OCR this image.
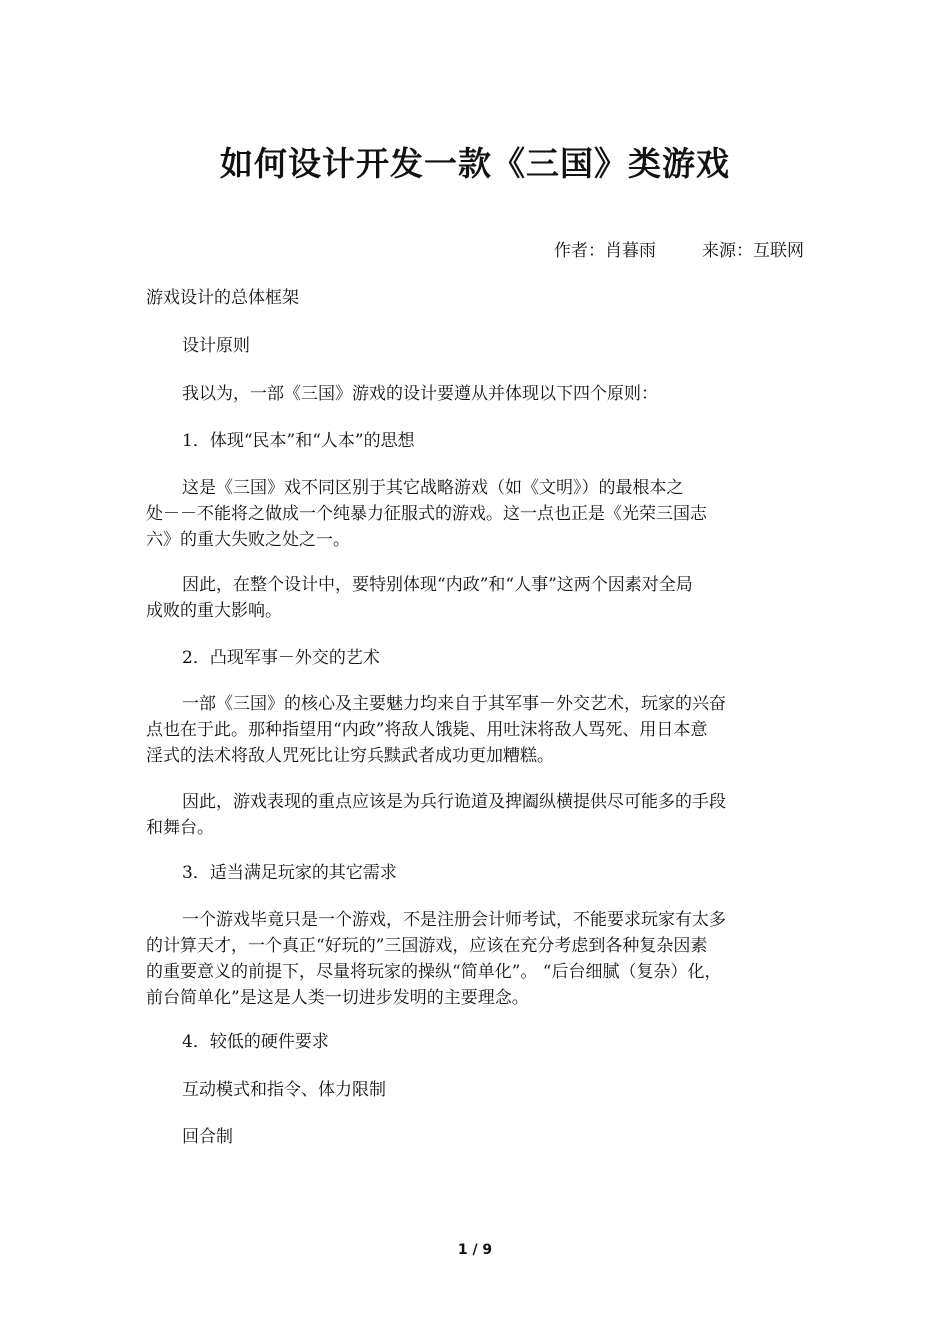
如何设计开发一款《三国》类游戏
作者：肖暮雨	来源：互联网
游戏设计的总体框架
设计原则
我以为，一部《三国》游戏的设计要遵从并体现以下四个原则：
1．体现“民本”和“人本”的思想
这是《三国》戏不同区别于其它战略游戏（如《文明》）的最根本之
处－－不能将之做成一个纯暴力征服式的游戏。这一点也正是《光荣三国志
六》的重大失败之处之一。
因此，在整个设计中，要特别体现“内政”和“人事”这两个因素对全局
成败的重大影响。
2．凸现军事－外交的艺术
一部《三国》的核心及主要魅力均来自于其军事－外交艺术，玩家的兴奋
点也在于此。那种指望用“内政”将敌人饿毙、用吐沫将敌人骂死、用日本意
淫式的法术将敌人咒死比让穷兵黩武者成功更加糟糕。
因此，游戏表现的重点应该是为兵行诡道及捭阖纵横提供尽可能多的手段
和舞台。
3．适当满足玩家的其它需求
一个游戏毕竟只是一个游戏，不是注册会计师考试，不能要求玩家有太多
的计算天才，一个真正“好玩的”三国游戏，应该在充分考虑到各种复杂因素
的重要意义的前提下，尽量将玩家的操纵“简单化”。 “后台细腻（复杂）化，
前台简单化”是这是人类一切进步发明的主要理念。
4．较低的硬件要求
互动模式和指令、体力限制
回合制
1 / 9
